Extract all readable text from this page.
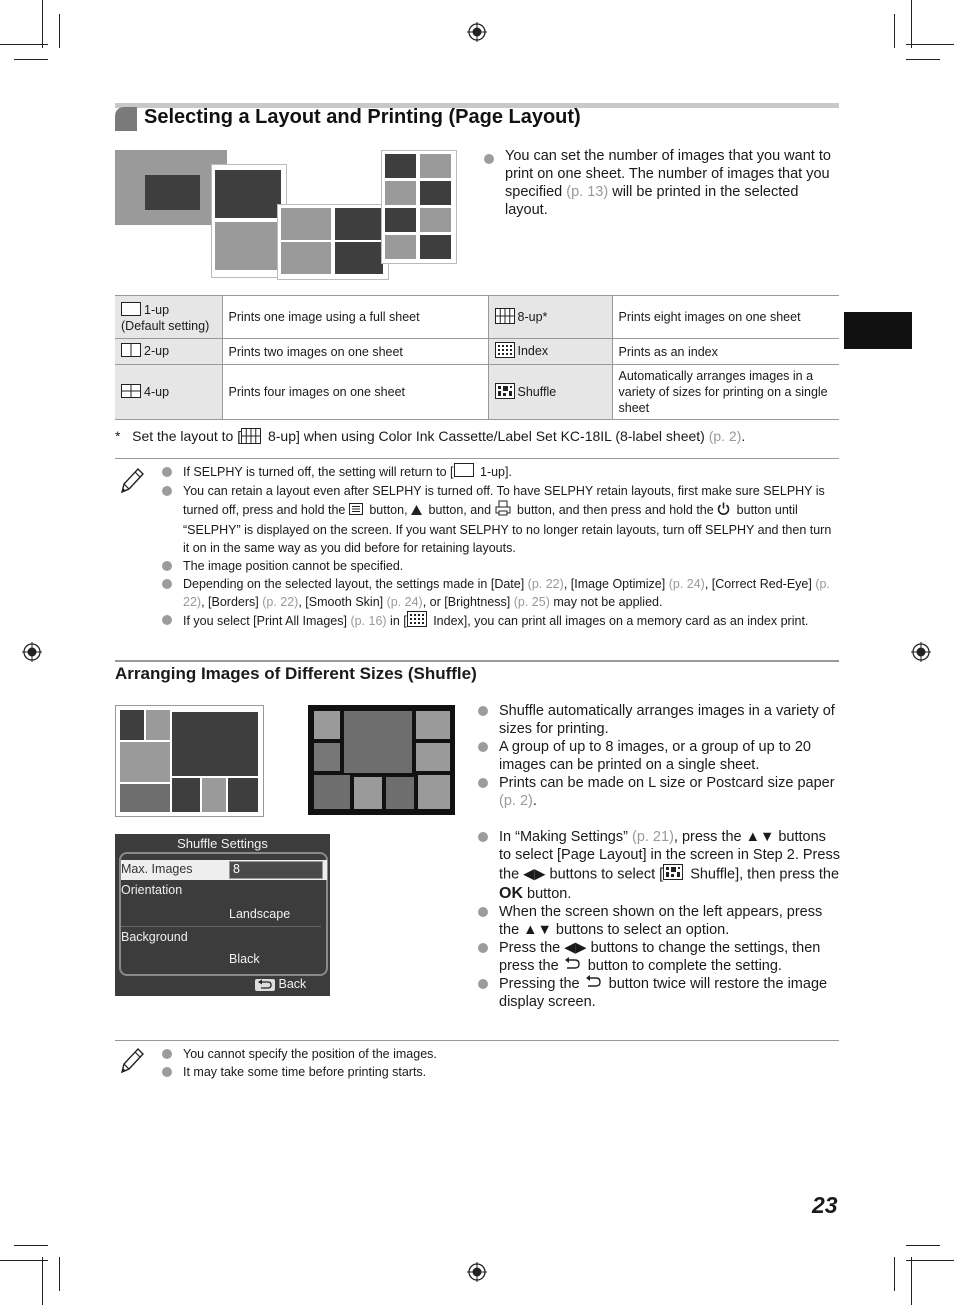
Selecting a Layout and Printing (Page Layout)
You can set the number of images that you want to print on one sheet. The number of images that you specified (p. 13) will be printed in the selected layout.
1-up
(Default setting)	Prints one image using a full sheet	8-up*	Prints eight images on one sheet
2-up	Prints two images on one sheet	Index	Prints as an index
4-up	Prints four images on one sheet	Shuffle	Automatically arranges images in a variety of sizes for printing on a single sheet
* Set the layout to [ 8-up] when using Color Ink Cassette/Label Set KC-18IL (8-label sheet) (p. 2).
If SELPHY is turned off, the setting will return to [ 1-up].
You can retain a layout even after SELPHY is turned off. To have SELPHY retain layouts, first make sure SELPHY is turned off, press and hold the  button,  button, and  button, and then press and hold the  button until “SELPHY” is displayed on the screen. If you want SELPHY to no longer retain layouts, turn off SELPHY and then turn it on in the same way as you did before for retaining layouts.
The image position cannot be specified.
Depending on the selected layout, the settings made in [Date] (p. 22), [Image Optimize] (p. 24), [Correct Red-Eye] (p. 22), [Borders] (p. 22), [Smooth Skin] (p. 24), or [Brightness] (p. 25) may not be applied.
If you select [Print All Images] (p. 16) in [ Index], you can print all images on a memory card as an index print.
Arranging Images of Different Sizes (Shuffle)
Shuffle Settings
Max. Images	8
Orientation
Landscape
Background
Black
Back
Shuffle automatically arranges images in a variety of sizes for printing.
A group of up to 8 images, or a group of up to 20 images can be printed on a single sheet.
Prints can be made on L size or Postcard size paper (p. 2).
In “Making Settings” (p. 21), press the ▲▼ buttons to select [Page Layout] in the screen in Step 2. Press the ◀▶ buttons to select [ Shuffle], then press the OK button.
When the screen shown on the left appears, press the ▲▼ buttons to select an option.
Press the ◀▶ buttons to change the settings, then press the  button to complete the setting.
Pressing the  button twice will restore the image display screen.
You cannot specify the position of the images.
It may take some time before printing starts.
23
